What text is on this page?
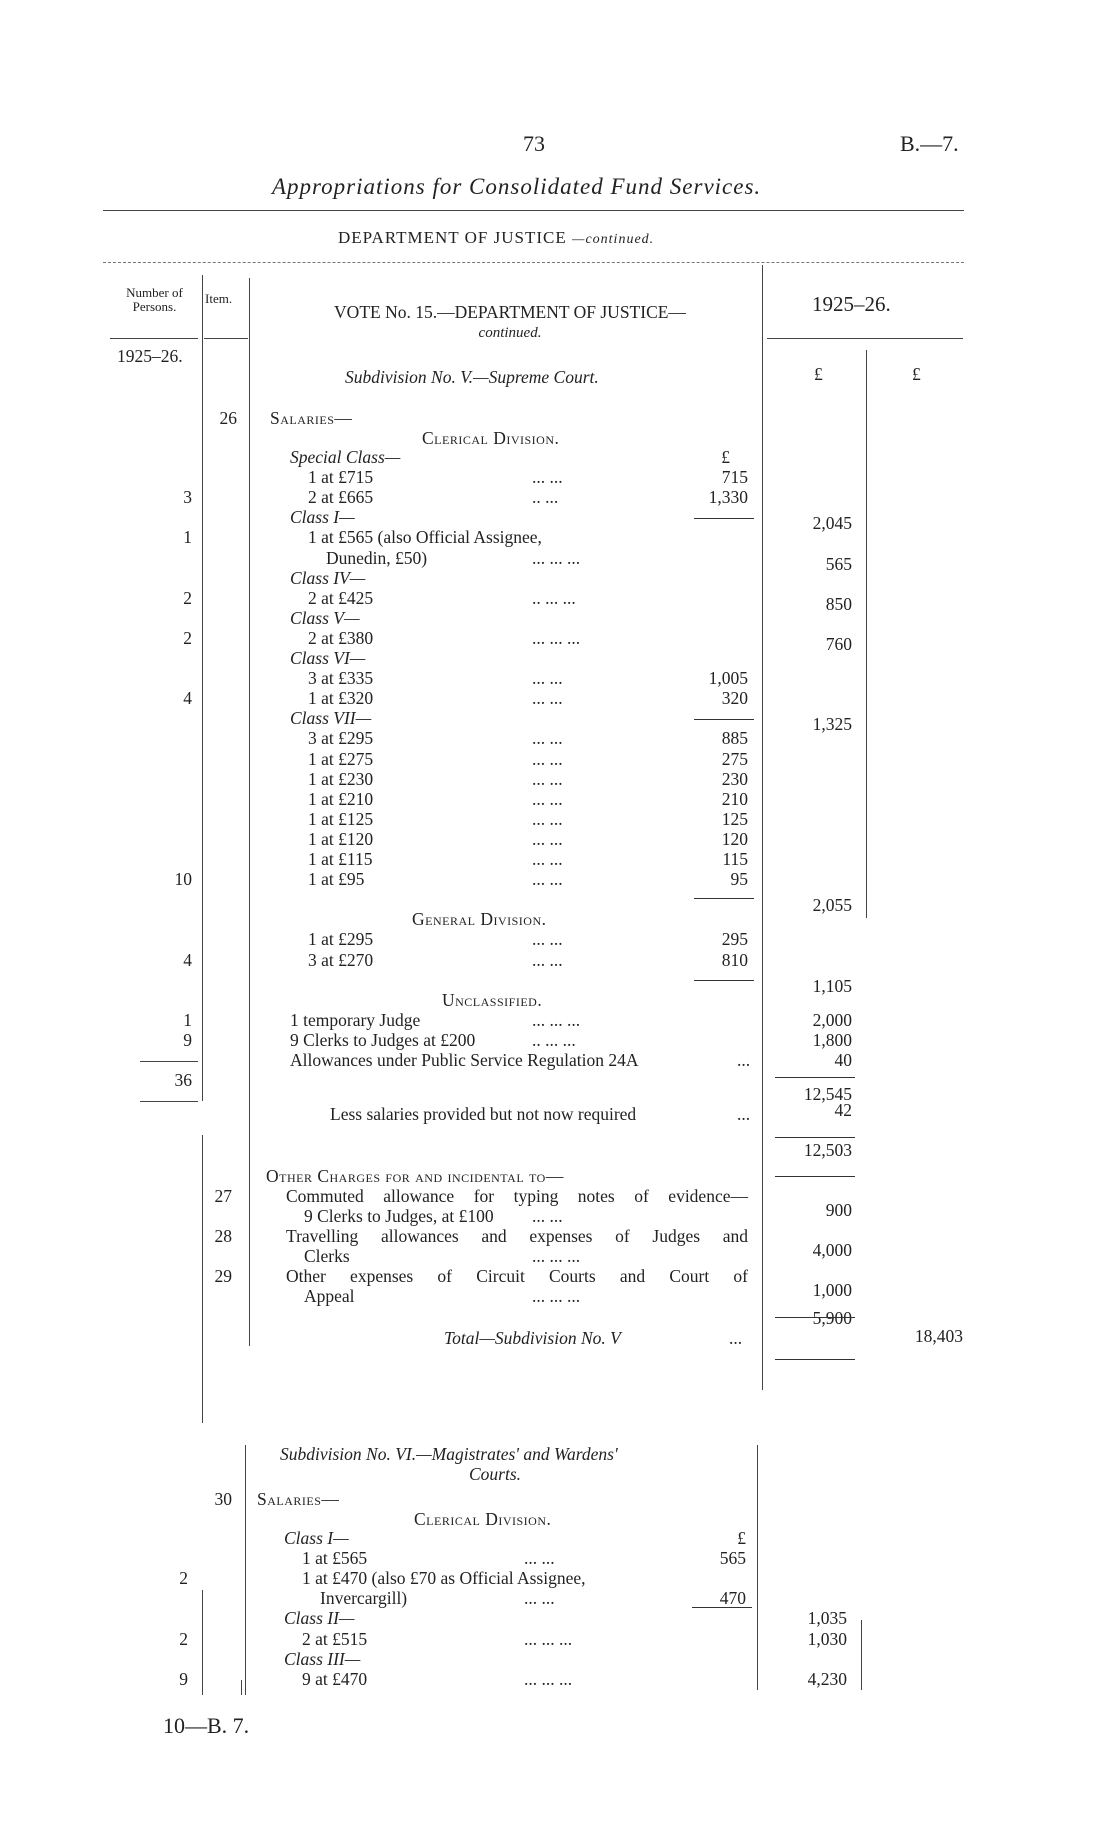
73	B.—7.
Appropriations for Consolidated Fund Services.
DEPARTMENT OF JUSTICE —continued.
Number of Persons.
Item.
VOTE No. 15.—DEPARTMENT OF JUSTICE—
continued.
1925–26.
1925–26.
£	£
Subdivision No. V.—Supreme Court.
26 Salaries—
Clerical Division.
£
Special Class—
1 at £715	... ...	715
3	2 at £665	.. ...	1,330
Class I—	2,045
1	1 at £565 (also Official Assignee,
Dunedin, £50)	... ... ...	565
Class IV—
2	2 at £425	.. ... ...	850
Class V—
2	2 at £380	... ... ...	760
Class VI—
3 at £335	... ...	1,005
4	1 at £320	... ...	320
Class VII—	1,325
3 at £295	... ...	885
1 at £275	... ...	275
1 at £230	... ...	230
1 at £210	... ...	210
1 at £125	... ...	125
1 at £120	... ...	120
1 at £115	... ...	115
10	1 at £95	... ...	95
2,055
General Division.
1 at £295	... ...	295
4	3 at £270	... ...	810
1,105
Unclassified.
1	1 temporary Judge	... ... ...	2,000
9	9 Clerks to Judges at £200	.. ... ...	1,800
Allowances under Public Service Regulation 24A	...	40
36
12,545
Less salaries provided but not now required	...	42
12,503
Other Charges for and incidental to—
27	Commuted allowance for typing notes of evidence—
9 Clerks to Judges, at £100 ... ...	900
28	Travelling allowances and expenses of Judges and
Clerks	... ... ...	4,000
29	Other expenses of Circuit Courts and Court of
Appeal	... ... ...	1,000
5,900
Total—Subdivision No. V	...	18,403
Subdivision No. VI.—Magistrates' and Wardens'
Courts.
30 Salaries—
Clerical Division.
£
Class I—
1 at £565	... ...	565
2	1 at £470 (also £70 as Official Assignee,
Invercargill)	... ...	470
Class II—	1,035
2	2 at £515	... ... ...	1,030
Class III—
9	9 at £470	... ... ...	4,230
10—B. 7.
